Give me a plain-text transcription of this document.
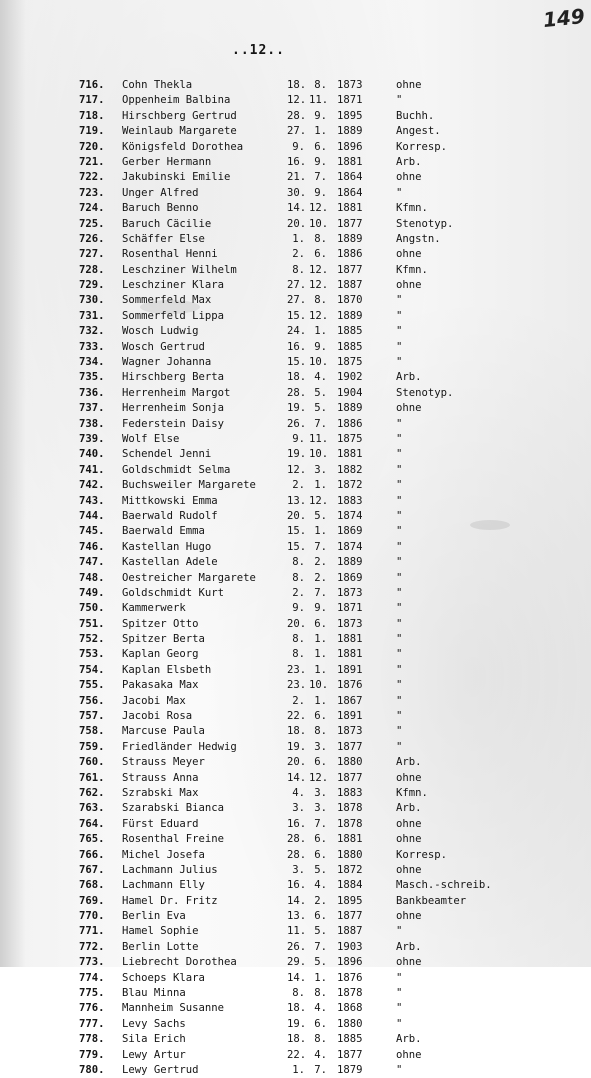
149
..12..
716. Cohn Thekla	18. 8. 1873	ohne
717. Oppenheim Balbina	12. 11. 1871	"
718. Hirschberg Gertrud	28. 9. 1895	Buchh.
719. Weinlaub Margarete	27. 1. 1889	Angest.
720. Königsfeld Dorothea	9. 6. 1896	Korresp.
721. Gerber Hermann	16. 9. 1881	Arb.
722. Jakubinski Emilie	21. 7. 1864	ohne
723. Unger Alfred	30. 9. 1864	"
724. Baruch Benno	14. 12. 1881	Kfmn.
725. Baruch Cäcilie	20. 10. 1877	Stenotyp.
726. Schäffer Else	1. 8. 1889	Angstn.
727. Rosenthal Henni	2. 6. 1886	ohne
728. Leschziner Wilhelm	8. 12. 1877	Kfmn.
729. Leschziner Klara	27. 12. 1887	ohne
730. Sommerfeld Max	27. 8. 1870	"
731. Sommerfeld Lippa	15. 12. 1889	"
732. Wosch Ludwig	24. 1. 1885	"
733. Wosch Gertrud	16. 9. 1885	"
734. Wagner Johanna	15. 10. 1875	"
735. Hirschberg Berta	18. 4. 1902	Arb.
736. Herrenheim Margot	28. 5. 1904	Stenotyp.
737. Herrenheim Sonja	19. 5. 1889	ohne
738. Federstein Daisy	26. 7. 1886	"
739. Wolf Else	9. 11. 1875	"
740. Schendel Jenni	19. 10. 1881	"
741. Goldschmidt Selma	12. 3. 1882	"
742. Buchsweiler Margarete	2. 1. 1872	"
743. Mittkowski Emma	13. 12. 1883	"
744. Baerwald Rudolf	20. 5. 1874	"
745. Baerwald Emma	15. 1. 1869	"
746. Kastellan Hugo	15. 7. 1874	"
747. Kastellan Adele	8. 2. 1889	"
748. Oestreicher Margarete	8. 2. 1869	"
749. Goldschmidt Kurt	2. 7. 1873	"
750. Kammerwerk	9. 9. 1871	"
751. Spitzer Otto	20. 6. 1873	"
752. Spitzer Berta	8. 1. 1881	"
753. Kaplan Georg	8. 1. 1881	"
754. Kaplan Elsbeth	23. 1. 1891	"
755. Pakasaka Max	23. 10. 1876	"
756. Jacobi Max	2. 1. 1867	"
757. Jacobi Rosa	22. 6. 1891	"
758. Marcuse Paula	18. 8. 1873	"
759. Friedländer Hedwig	19. 3. 1877	"
760. Strauss Meyer	20. 6. 1880	Arb.
761. Strauss Anna	14. 12. 1877	ohne
762. Szrabski Max	4. 3. 1883	Kfmn.
763. Szarabski Bianca	3. 3. 1878	Arb.
764. Fürst Eduard	16. 7. 1878	ohne
765. Rosenthal Freine	28. 6. 1881	ohne
766. Michel Josefa	28. 6. 1880	Korresp.
767. Lachmann Julius	3. 5. 1872	ohne
768. Lachmann Elly	16. 4. 1884	Masch.-schreib.
769. Hamel Dr. Fritz	14. 2. 1895	Bankbeamter
770. Berlin Eva	13. 6. 1877	ohne
771. Hamel Sophie	11. 5. 1887	"
772. Berlin Lotte	26. 7. 1903	Arb.
773. Liebrecht Dorothea	29. 5. 1896	ohne
774. Schoeps Klara	14. 1. 1876	"
775. Blau Minna	8. 8. 1878	"
776. Mannheim Susanne	18. 4. 1868	"
777. Levy Sachs	19. 6. 1880	"
778. Sila Erich	18. 8. 1885	Arb.
779. Lewy Artur	22. 4. 1877	ohne
780. Lewy Gertrud	1. 7. 1879	"
